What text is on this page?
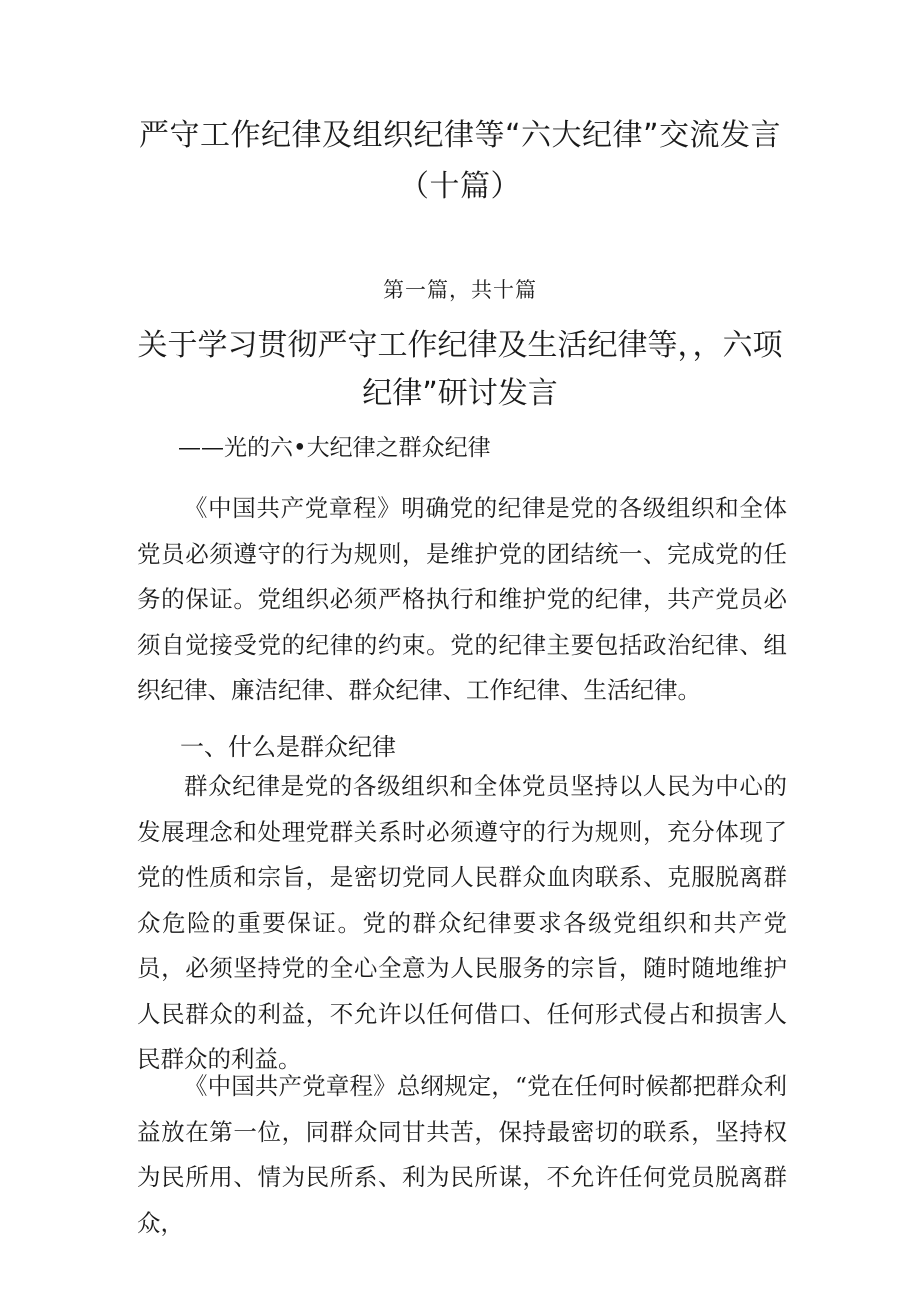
严守工作纪律及组织纪律等“六大纪律”交流发言
（十篇）
第一篇，共十篇
关于学习贯彻严守工作纪律及生活纪律等，，六项
纪律”研讨发言
——光的六•大纪律之群众纪律

《中国共产党章程》明确党的纪律是党的各级组织和全体党员必须遵守的行为规则，是维护党的团结统一、完成党的任务的保证。党组织必须严格执行和维护党的纪律，共产党员必须自觉接受党的纪律的约束。党的纪律主要包括政治纪律、组织纪律、廉洁纪律、群众纪律、工作纪律、生活纪律。

一、什么是群众纪律

群众纪律是党的各级组织和全体党员坚持以人民为中心的发展理念和处理党群关系时必须遵守的行为规则，充分体现了党的性质和宗旨，是密切党同人民群众血肉联系、克服脱离群众危险的重要保证。党的群众纪律要求各级党组织和共产党员，必须坚持党的全心全意为人民服务的宗旨，随时随地维护人民群众的利益，不允许以任何借口、任何形式侵占和损害人民群众的利益。

《中国共产党章程》总纲规定，“党在任何时候都把群众利益放在第一位，同群众同甘共苦，保持最密切的联系，坚持权为民所用、情为民所系、利为民所谋，不允许任何党员脱离群众，
